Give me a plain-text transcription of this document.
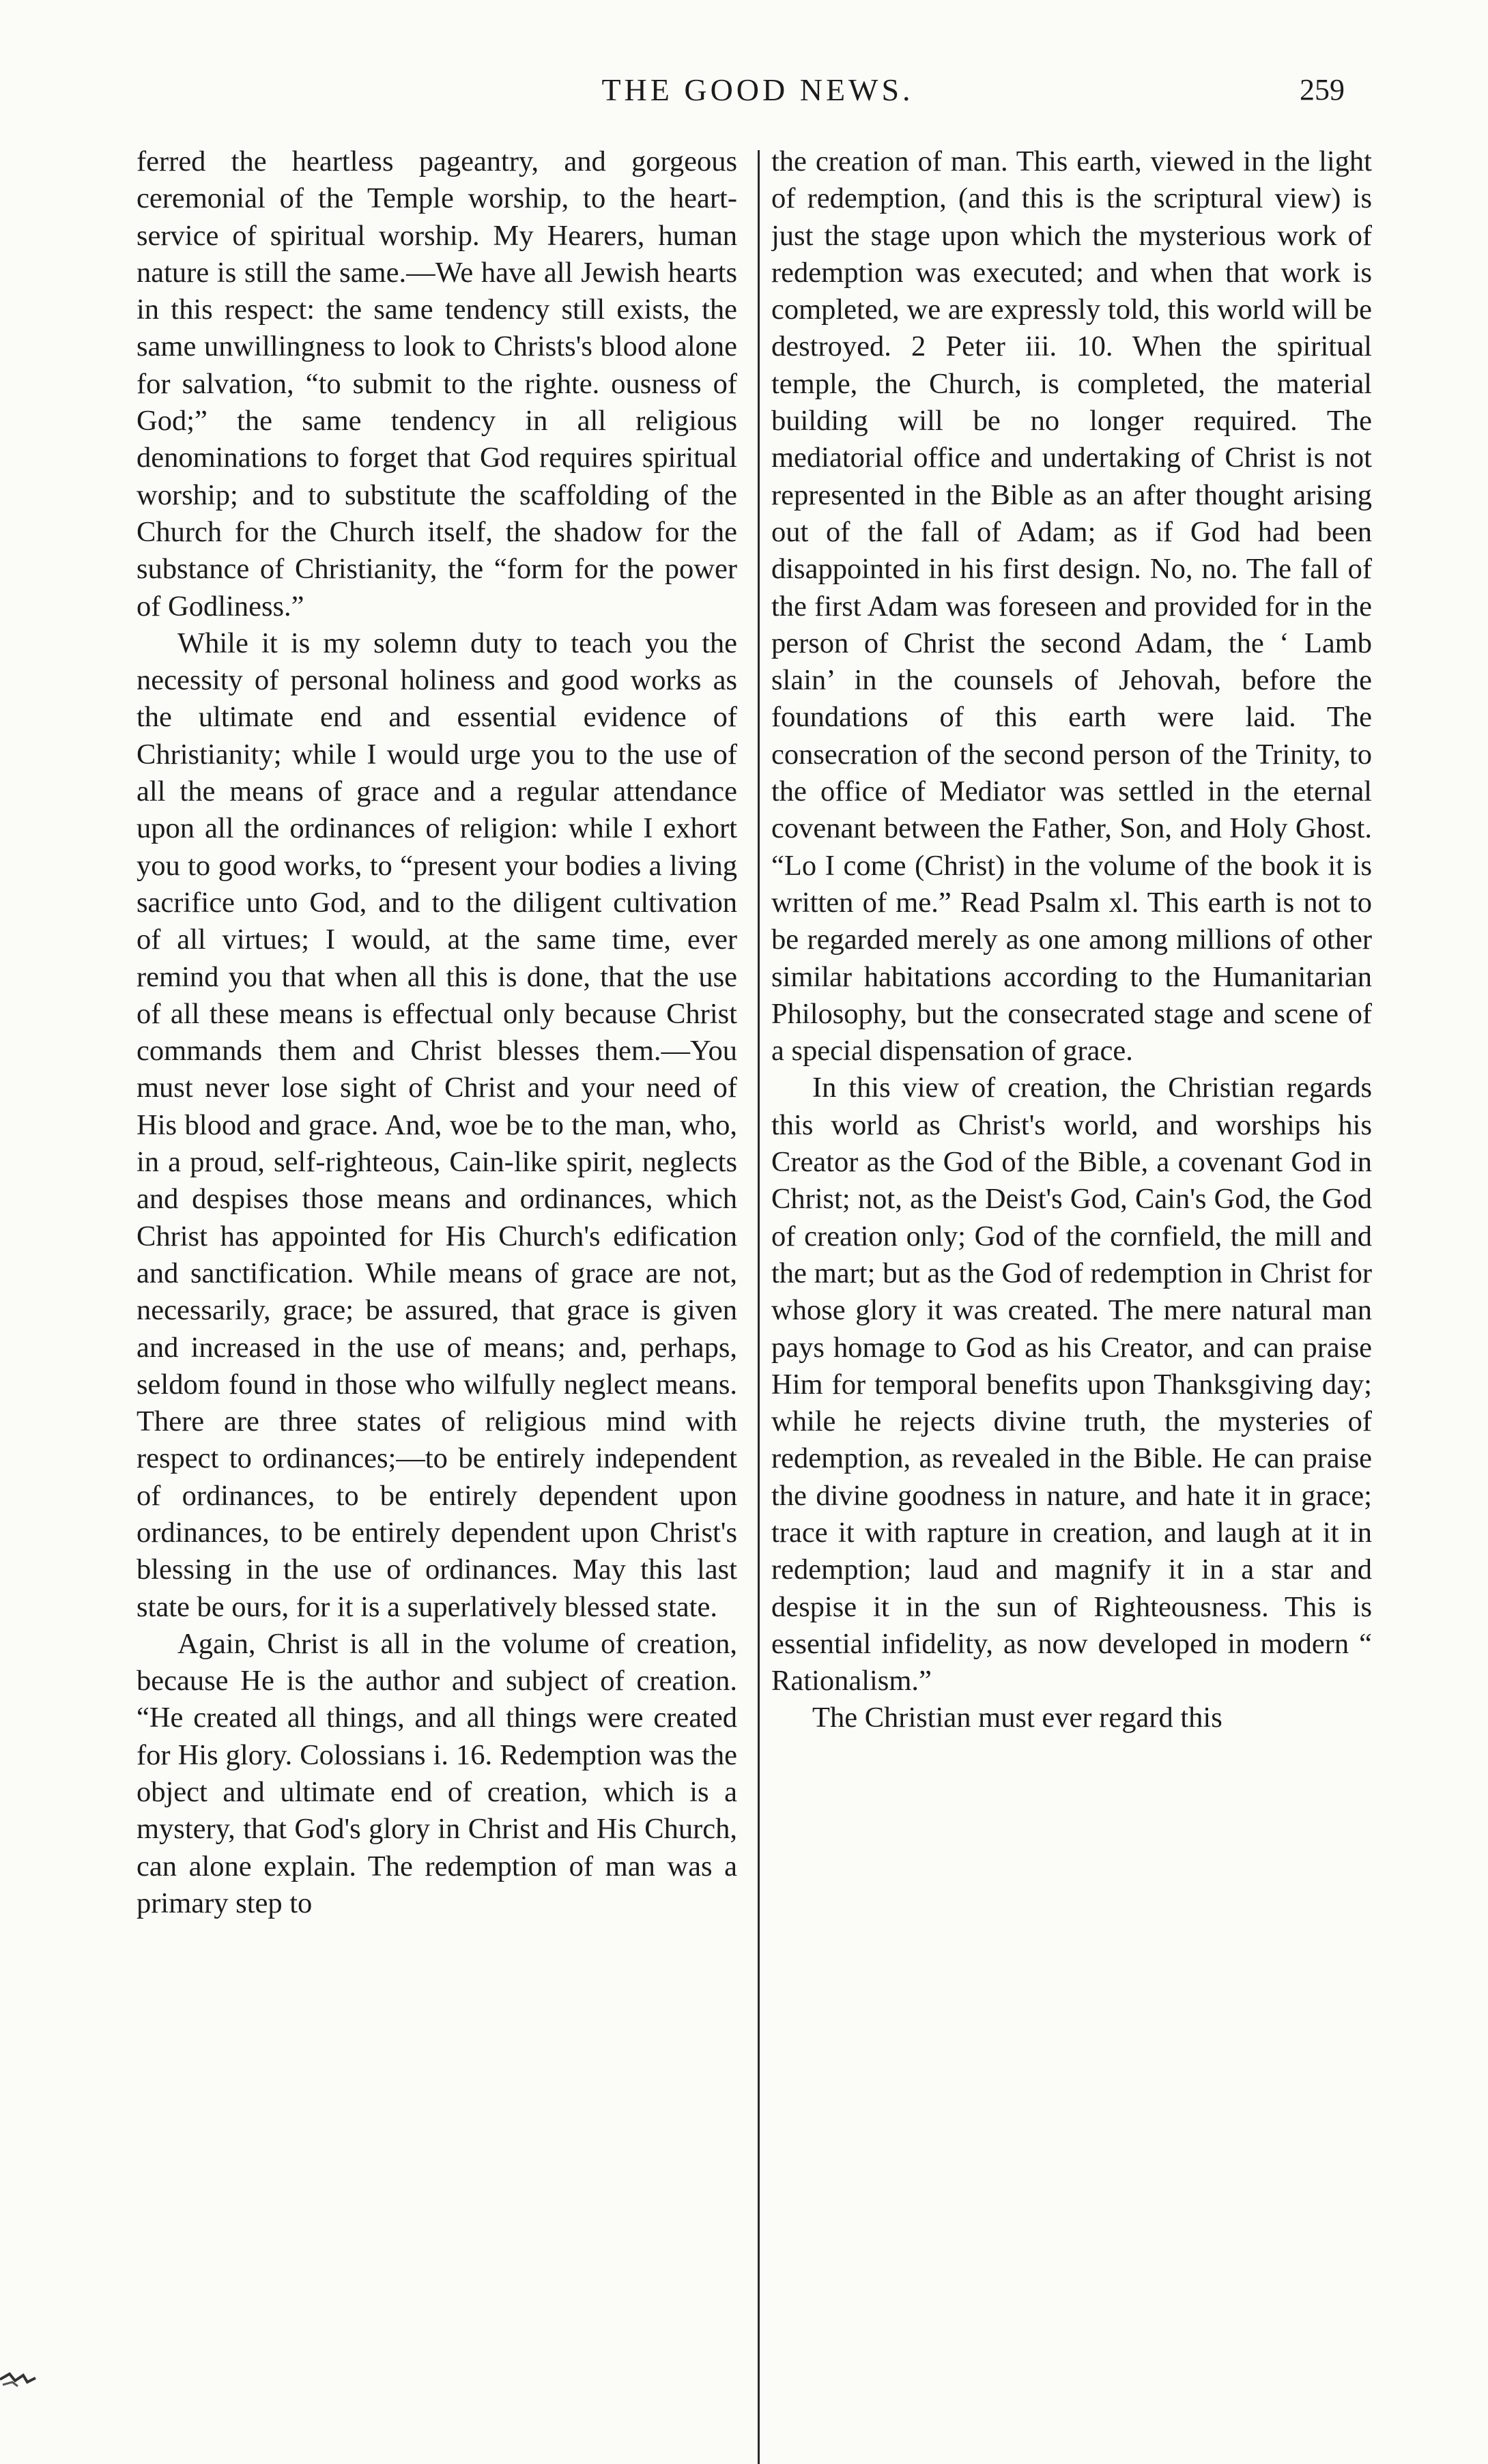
THE GOOD NEWS.	259

ferred the heartless pageantry, and gorgeous ceremonial of the Temple worship, to the heart-service of spiritual worship. My Hearers, human nature is still the same.—We have all Jewish hearts in this respect: the same tendency still exists, the same unwillingness to look to Christs's blood alone for salvation, “to submit to the righte. ousness of God;” the same tendency in all religious denominations to forget that God requires spiritual worship; and to substitute the scaffolding of the Church for the Church itself, the shadow for the substance of Christianity, the “form for the power of Godliness.”

While it is my solemn duty to teach you the necessity of personal holiness and good works as the ultimate end and essential evidence of Christianity; while I would urge you to the use of all the means of grace and a regular attendance upon all the ordinances of religion: while I exhort you to good works, to “present your bodies a living sacrifice unto God, and to the diligent cultivation of all virtues; I would, at the same time, ever remind you that when all this is done, that the use of all these means is effectual only because Christ commands them and Christ blesses them.—You must never lose sight of Christ and your need of His blood and grace. And, woe be to the man, who, in a proud, self-righteous, Cain-like spirit, neglects and despises those means and ordinances, which Christ has appointed for His Church's edification and sanctification. While means of grace are not, necessarily, grace; be assured, that grace is given and increased in the use of means; and, perhaps, seldom found in those who wilfully neglect means. There are three states of religious mind with respect to ordinances;—to be entirely independent of ordinances, to be entirely dependent upon ordinances, to be entirely dependent upon Christ's blessing in the use of ordinances. May this last state be ours, for it is a superlatively blessed state.

Again, Christ is all in the volume of creation, because He is the author and subject of creation. “He created all things, and all things were created for His glory. Colossians i. 16. Redemption was the object and ultimate end of creation, which is a mystery, that God's glory in Christ and His Church, can alone explain. The redemption of man was a primary step to

the creation of man. This earth, viewed in the light of redemption, (and this is the scriptural view) is just the stage upon which the mysterious work of redemption was executed; and when that work is completed, we are expressly told, this world will be destroyed. 2 Peter iii. 10. When the spiritual temple, the Church, is completed, the material building will be no longer required. The mediatorial office and undertaking of Christ is not represented in the Bible as an after thought arising out of the fall of Adam; as if God had been disappointed in his first design. No, no. The fall of the first Adam was foreseen and provided for in the person of Christ the second Adam, the ‘ Lamb slain’ in the counsels of Jehovah, before the foundations of this earth were laid. The consecration of the second person of the Trinity, to the office of Mediator was settled in the eternal covenant between the Father, Son, and Holy Ghost. “Lo I come (Christ) in the volume of the book it is written of me.” Read Psalm xl. This earth is not to be regarded merely as one among millions of other similar habitations according to the Humanitarian Philosophy, but the consecrated stage and scene of a special dispensation of grace.

In this view of creation, the Christian regards this world as Christ's world, and worships his Creator as the God of the Bible, a covenant God in Christ; not, as the Deist's God, Cain's God, the God of creation only; God of the cornfield, the mill and the mart; but as the God of redemption in Christ for whose glory it was created. The mere natural man pays homage to God as his Creator, and can praise Him for temporal benefits upon Thanksgiving day; while he rejects divine truth, the mysteries of redemption, as revealed in the Bible. He can praise the divine goodness in nature, and hate it in grace; trace it with rapture in creation, and laugh at it in redemption; laud and magnify it in a star and despise it in the sun of Righteousness. This is essential infidelity, as now developed in modern “ Rationalism.”

The Christian must ever regard this
